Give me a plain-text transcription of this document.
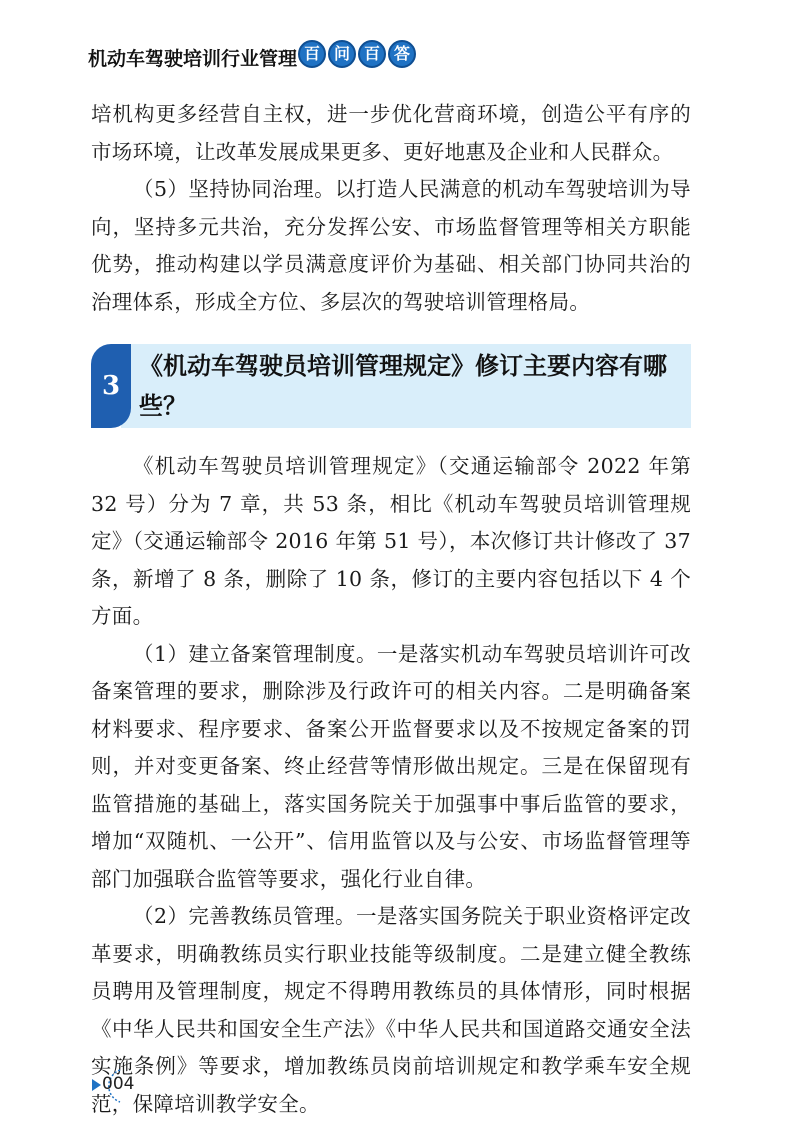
机动车驾驶培训行业管理 百 问 百 答

培机构更多经营自主权，进一步优化营商环境，创造公平有序的市场环境，让改革发展成果更多、更好地惠及企业和人民群众。

（5）坚持协同治理。以打造人民满意的机动车驾驶培训为导向，坚持多元共治，充分发挥公安、市场监督管理等相关方职能优势，推动构建以学员满意度评价为基础、相关部门协同共治的治理体系，形成全方位、多层次的驾驶培训管理格局。

3
《机动车驾驶员培训管理规定》修订主要内容有哪些？

《机动车驾驶员培训管理规定》（交通运输部令 2022 年第 32 号）分为 7 章，共 53 条，相比《机动车驾驶员培训管理规定》（交通运输部令 2016 年第 51 号），本次修订共计修改了 37 条，新增了 8 条，删除了 10 条，修订的主要内容包括以下 4 个方面。

（1）建立备案管理制度。一是落实机动车驾驶员培训许可改备案管理的要求，删除涉及行政许可的相关内容。二是明确备案材料要求、程序要求、备案公开监督要求以及不按规定备案的罚则，并对变更备案、终止经营等情形做出规定。三是在保留现有监管措施的基础上，落实国务院关于加强事中事后监管的要求，增加“双随机、一公开”、信用监管以及与公安、市场监督管理等部门加强联合监管等要求，强化行业自律。

（2）完善教练员管理。一是落实国务院关于职业资格评定改革要求，明确教练员实行职业技能等级制度。二是建立健全教练员聘用及管理制度，规定不得聘用教练员的具体情形，同时根据《中华人民共和国安全生产法》《中华人民共和国道路交通安全法实施条例》等要求，增加教练员岗前培训规定和教学乘车安全规范，保障培训教学安全。

004
